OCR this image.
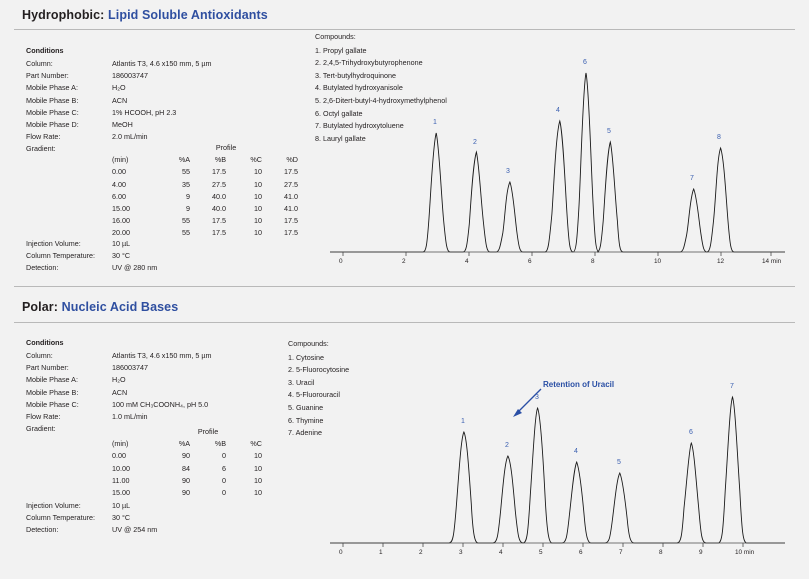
Hydrophobic: Lipid Soluble Antioxidants
Conditions
Column:	Atlantis T3, 4.6 x150 mm, 5 µm
Part Number:	186003747
Mobile Phase A:	H₂O
Mobile Phase B:	ACN
Mobile Phase C:	1% HCOOH, pH 2.3
Mobile Phase D:	MeOH
Flow Rate:	2.0 mL/min
Gradient:	
		Profile			
(min)	%A	%B	%C	%D
0.00	55	17.5	10	17.5
4.00	35	27.5	10	27.5
6.00	9	40.0	10	41.0
15.00	9	40.0	10	41.0
16.00	55	17.5	10	17.5
20.00	55	17.5	10	17.5
Injection Volume:	10 µL
Column Temperature:	30 °C
Detection:	UV @ 280 nm
Compounds:
1. Propyl gallate
2. 2,4,5-Trihydroxybutyrophenone
3. Tert-butylhydroquinone
4. Butylated hydroxyanisole
5. 2,6-Ditert-butyl-4-hydroxymethylphenol
6. Octyl gallate
7. Butylated hydroxytoluene
8. Lauryl gallate
0	2	4	6	8	10	12	14 min
1
2
3
4
5
6
7
8
Polar: Nucleic Acid Bases
Conditions
Column:	Atlantis T3, 4.6 x150 mm, 5 µm
Part Number:	186003747
Mobile Phase A:	H₂O
Mobile Phase B:	ACN
Mobile Phase C:	100 mM CH₃COONH₄, pH 5.0
Flow Rate:	1.0 mL/min
Gradient:	
		Profile		
(min)	%A	%B	%C
0.00	90	0	10
10.00	84	6	10
11.00	90	0	10
15.00	90	0	10
Injection Volume:	10 µL
Column Temperature:	30 °C
Detection:	UV @ 254 nm
Compounds:
1. Cytosine
2. 5-Fluorocytosine
3. Uracil
4. 5-Fluorouracil
5. Guanine
6. Thymine
7. Adenine
0	1	2	3	4	5	6	7	8	9	10 min
1
2
3
4
5
6
7
Retention of Uracil
